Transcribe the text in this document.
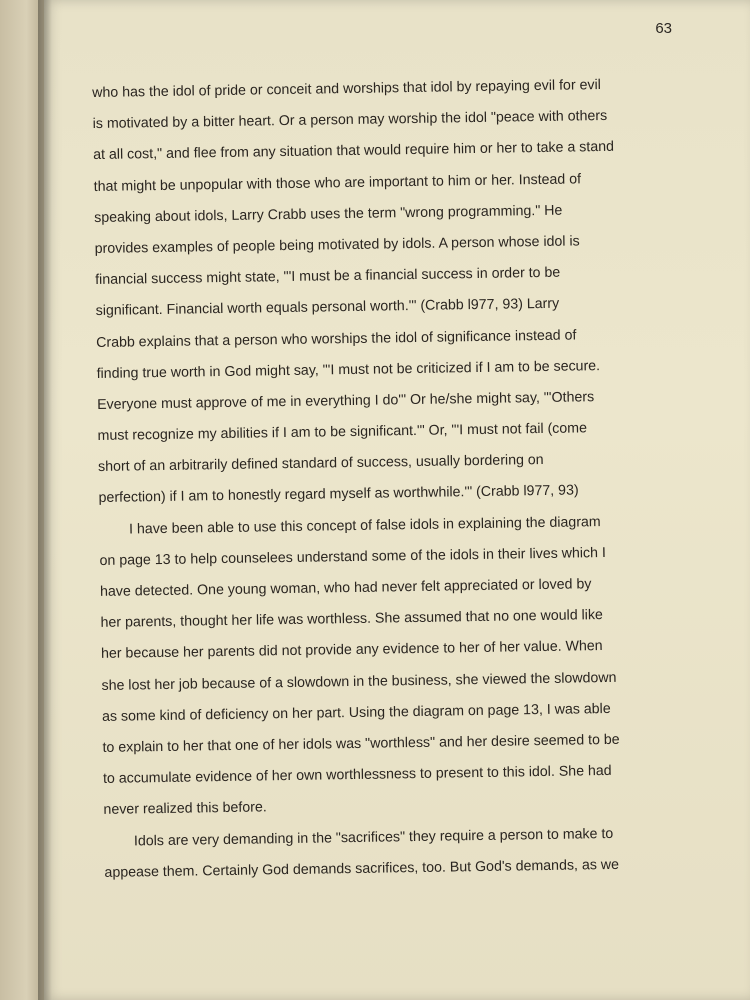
63
who has the idol of pride or conceit and worships that idol by repaying evil for evil
is motivated by a bitter heart. Or a person may worship the idol "peace with others
at all cost," and flee from any situation that would require him or her to take a stand
that might be unpopular with those who are important to him or her. Instead of
speaking about idols, Larry Crabb uses the term "wrong programming." He
provides examples of people being motivated by idols. A person whose idol is
financial success might state, "'I must be a financial success in order to be
significant. Financial worth equals personal worth.'" (Crabb l977, 93) Larry
Crabb explains that a person who worships the idol of significance instead of
finding true worth in God might say, "'I must not be criticized if I am to be secure.
Everyone must approve of me in everything I do'" Or he/she might say, "'Others
must recognize my abilities if I am to be significant.'" Or, "'I must not fail (come
short of an arbitrarily defined standard of success, usually bordering on
perfection) if I am to honestly regard myself as worthwhile.'" (Crabb l977, 93)
I have been able to use this concept of false idols in explaining the diagram
on page 13 to help counselees understand some of the idols in their lives which I
have detected. One young woman, who had never felt appreciated or loved by
her parents, thought her life was worthless. She assumed that no one would like
her because her parents did not provide any evidence to her of her value. When
she lost her job because of a slowdown in the business, she viewed the slowdown
as some kind of deficiency on her part. Using the diagram on page 13, I was able
to explain to her that one of her idols was "worthless" and her desire seemed to be
to accumulate evidence of her own worthlessness to present to this idol. She had
never realized this before.
Idols are very demanding in the "sacrifices" they require a person to make to
appease them. Certainly God demands sacrifices, too. But God's demands, as we
